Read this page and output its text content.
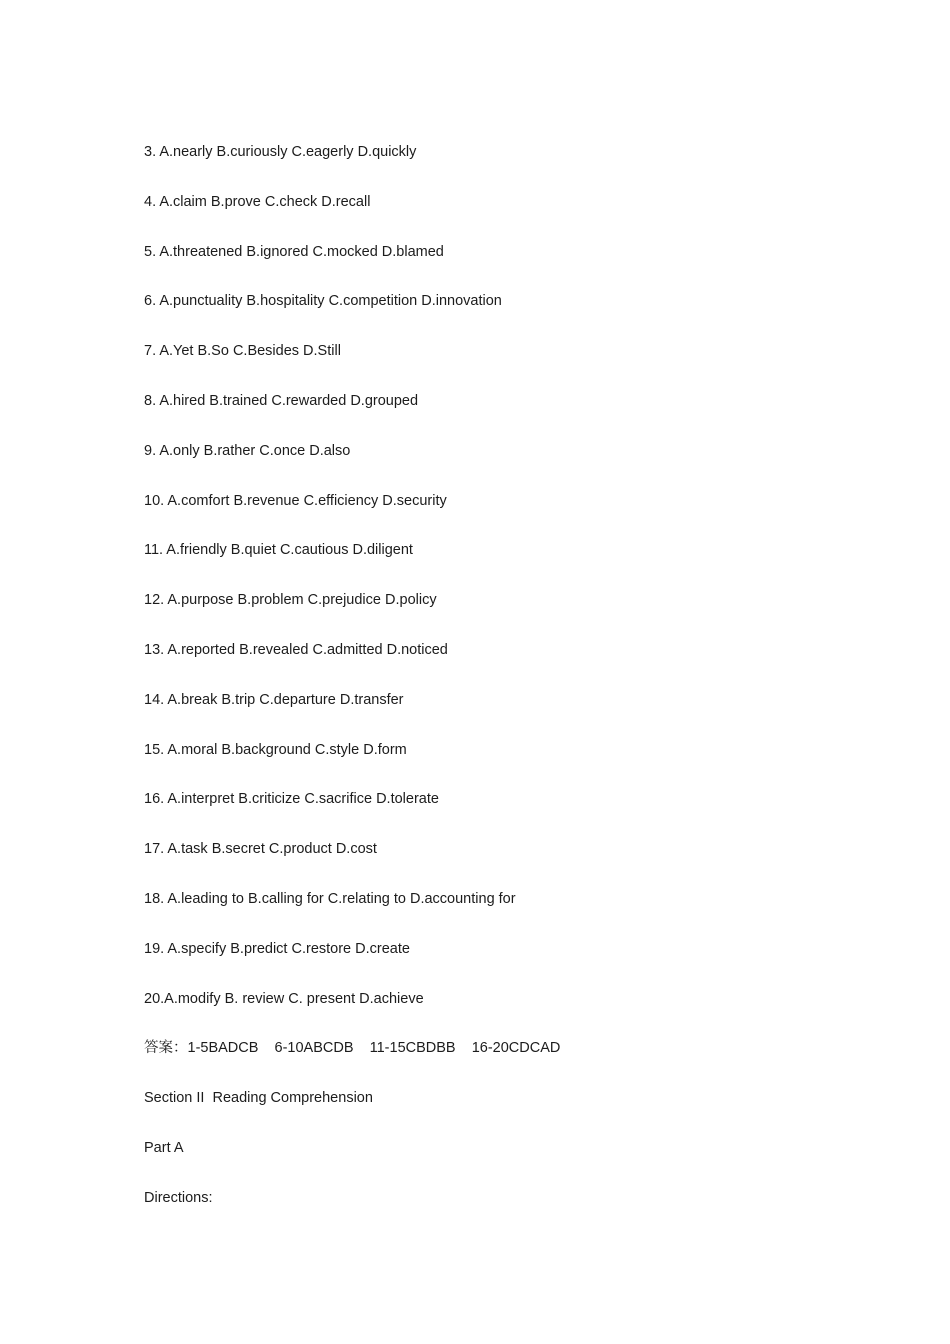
3. A.nearly B.curiously C.eagerly D.quickly
4. A.claim B.prove C.check D.recall
5. A.threatened B.ignored C.mocked D.blamed
6. A.punctuality B.hospitality C.competition D.innovation
7. A.Yet B.So C.Besides D.Still
8. A.hired B.trained C.rewarded D.grouped
9. A.only B.rather C.once D.also
10. A.comfort B.revenue C.efficiency D.security
11. A.friendly B.quiet C.cautious D.diligent
12. A.purpose B.problem C.prejudice D.policy
13. A.reported B.revealed C.admitted D.noticed
14. A.break B.trip C.departure D.transfer
15. A.moral B.background C.style D.form
16. A.interpret B.criticize C.sacrifice D.tolerate
17. A.task B.secret C.product D.cost
18. A.leading to B.calling for C.relating to D.accounting for
19. A.specify B.predict C.restore D.create
20.A.modify B. review C. present D.achieve
答案：1-5BADCB    6-10ABCDB    11-15CBDBB    16-20CDCAD
Section II  Reading Comprehension
Part A
Directions:
